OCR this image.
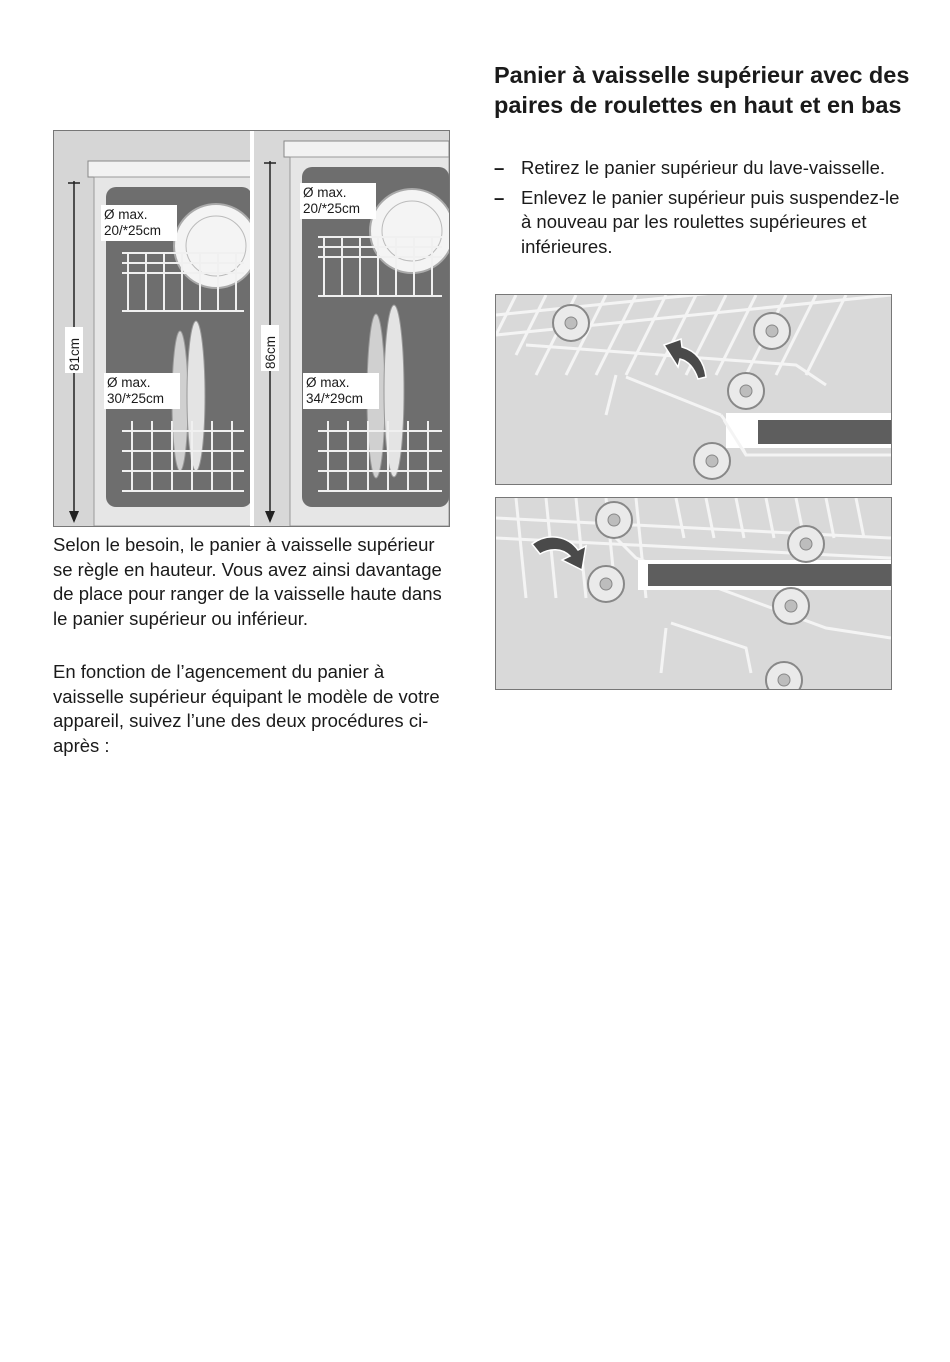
Ø max.
20/*25cm
Ø max.
30/*25cm
Ø max.
20/*25cm
Ø max.
34/*29cm
81cm	86cm

Selon le besoin, le panier à vaisselle supérieur se règle en hauteur. Vous avez ainsi davantage de place pour ranger de la vaisselle haute dans le panier supérieur ou inférieur.

En fonction de l’agencement du panier à vaisselle supérieur équipant le modèle de votre appareil, suivez l’une des deux procédures ci-après :

Panier à vaisselle supérieur avec des paires de roulettes en haut et en bas
– Retirez le panier supérieur du lave-vaisselle.
– Enlevez le panier supérieur puis suspendez-le à nouveau par les roulettes supérieures et inférieures.
